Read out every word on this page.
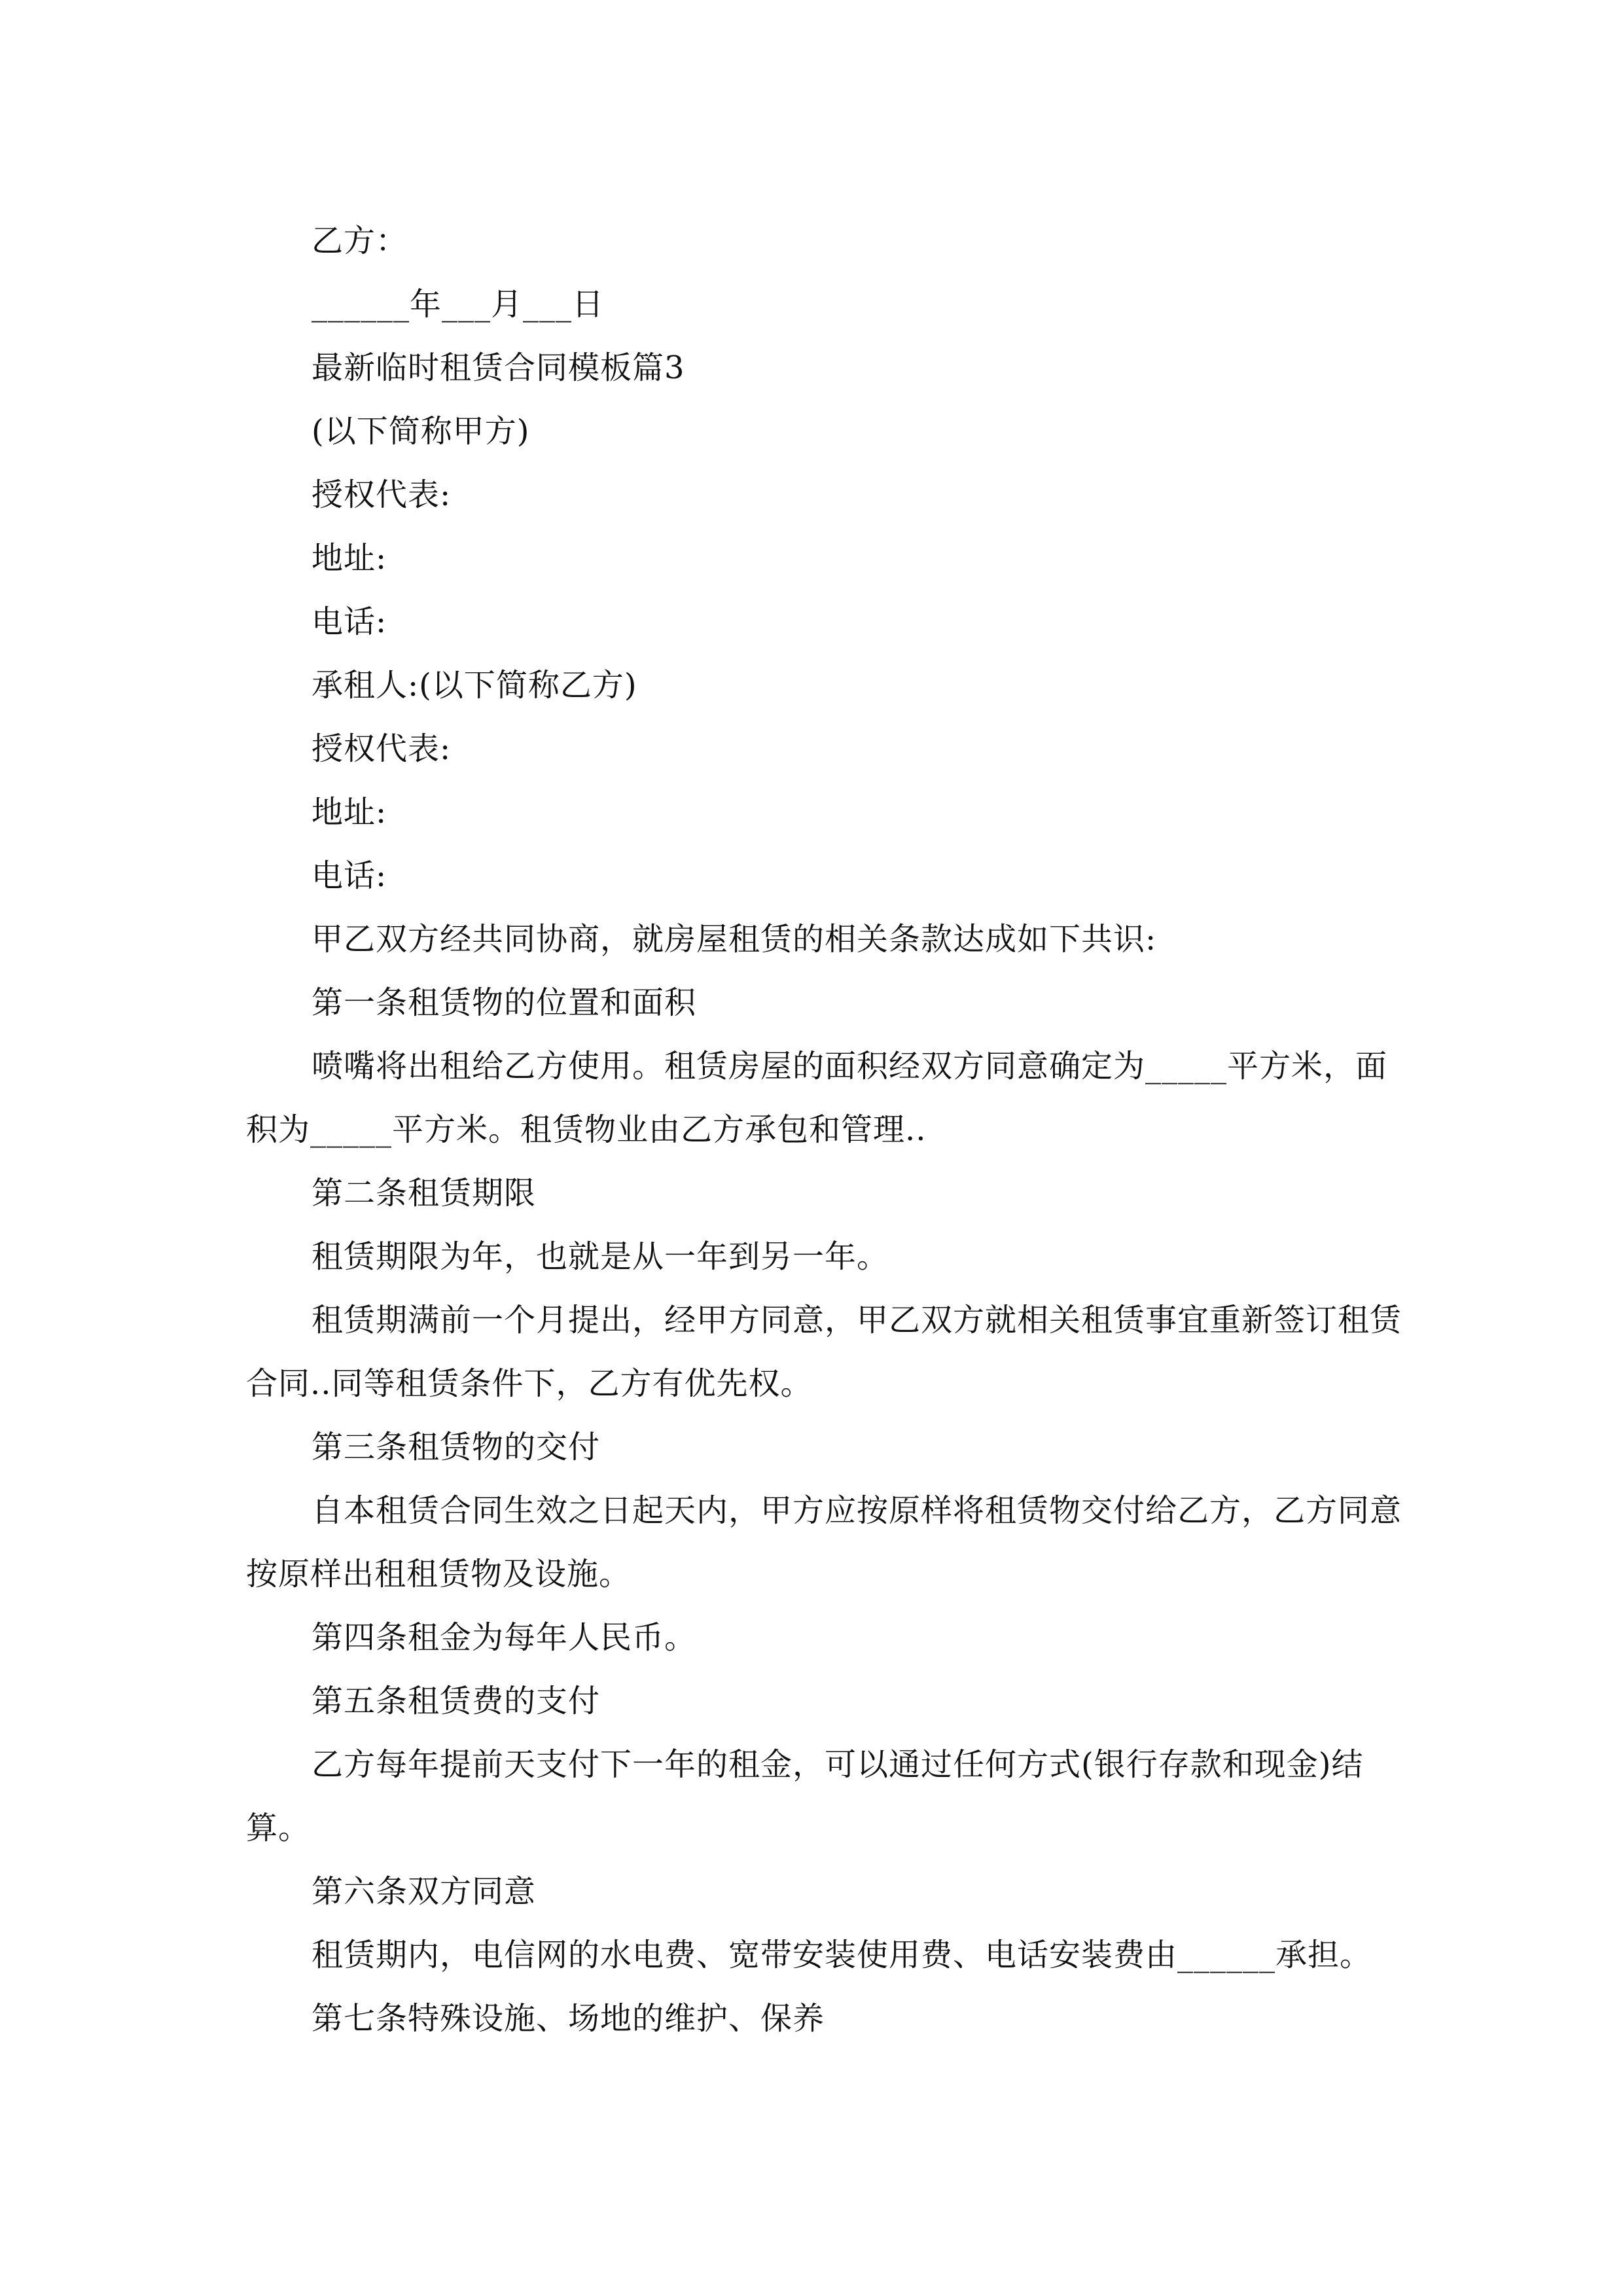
乙方：

______年___月___日

最新临时租赁合同模板篇3

(以下简称甲方)

授权代表:

地址:

电话:

承租人:(以下简称乙方)

授权代表:

地址:

电话:

甲乙双方经共同协商，就房屋租赁的相关条款达成如下共识:

第一条租赁物的位置和面积

喷嘴将出租给乙方使用。租赁房屋的面积经双方同意确定为_____平方米，面积为_____平方米。租赁物业由乙方承包和管理..

第二条租赁期限

租赁期限为年，也就是从一年到另一年。

租赁期满前一个月提出，经甲方同意，甲乙双方就相关租赁事宜重新签订租赁合同..同等租赁条件下，乙方有优先权。

第三条租赁物的交付

自本租赁合同生效之日起天内，甲方应按原样将租赁物交付给乙方，乙方同意按原样出租租赁物及设施。

第四条租金为每年人民币。

第五条租赁费的支付

乙方每年提前天支付下一年的租金，可以通过任何方式(银行存款和现金)结算。

第六条双方同意

租赁期内，电信网的水电费、宽带安装使用费、电话安装费由______承担。

第七条特殊设施、场地的维护、保养
